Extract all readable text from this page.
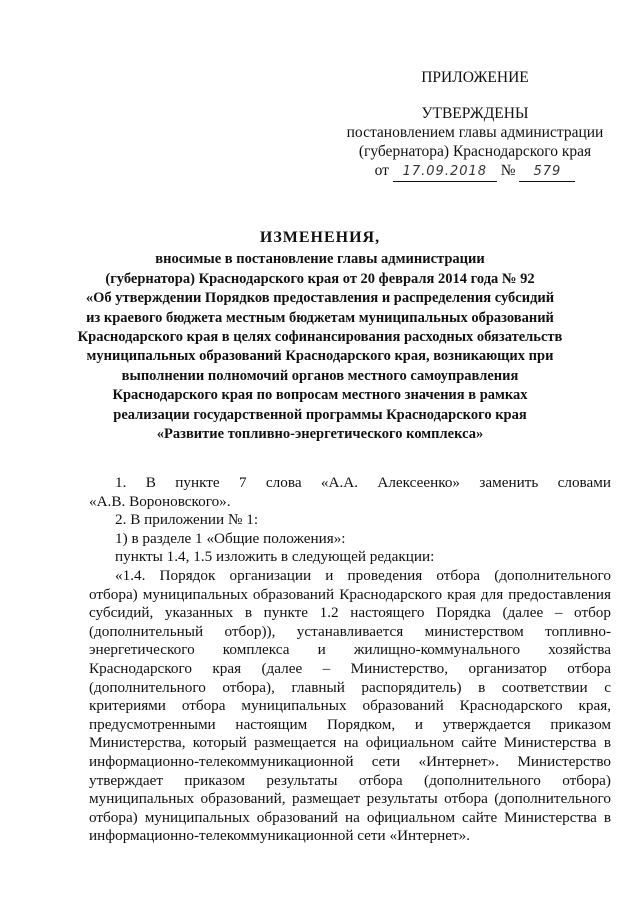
ПРИЛОЖЕНИЕ
УТВЕРЖДЕНЫ
постановлением главы администрации
(губернатора) Краснодарского края
от 17.09.2018 № 579
ИЗМЕНЕНИЯ,
вносимые в постановление главы администрации
(губернатора) Краснодарского края от 20 февраля 2014 года № 92
«Об утверждении Порядков предоставления и распределения субсидий
из краевого бюджета местным бюджетам муниципальных образований
Краснодарского края в целях софинансирования расходных обязательств
муниципальных образований Краснодарского края, возникающих при
выполнении полномочий органов местного самоуправления
Краснодарского края по вопросам местного значения в рамках
реализации государственной программы Краснодарского края
«Развитие топливно-энергетического комплекса»

1. В пункте 7 слова «А.А. Алексеенко» заменить словами

«А.В. Вороновского».

2. В приложении № 1:

1) в разделе 1 «Общие положения»:

пункты 1.4, 1.5 изложить в следующей редакции:

«1.4. Порядок организации и проведения отбора (дополнительного

отбора) муниципальных образований Краснодарского края для предоставления

субсидий, указанных в пункте 1.2 настоящего Порядка (далее – отбор

(дополнительный отбор)), устанавливается министерством топливно-

энергетического комплекса и жилищно-коммунального хозяйства

Краснодарского края (далее – Министерство, организатор отбора

(дополнительного отбора), главный распорядитель) в соответствии с

критериями отбора муниципальных образований Краснодарского края,

предусмотренными настоящим Порядком, и утверждается приказом

Министерства, который размещается на официальном сайте Министерства в

информационно-телекоммуникационной сети «Интернет». Министерство

утверждает приказом результаты отбора (дополнительного отбора)

муниципальных образований, размещает результаты отбора (дополнительного

отбора) муниципальных образований на официальном сайте Министерства в

информационно-телекоммуникационной сети «Интернет».
